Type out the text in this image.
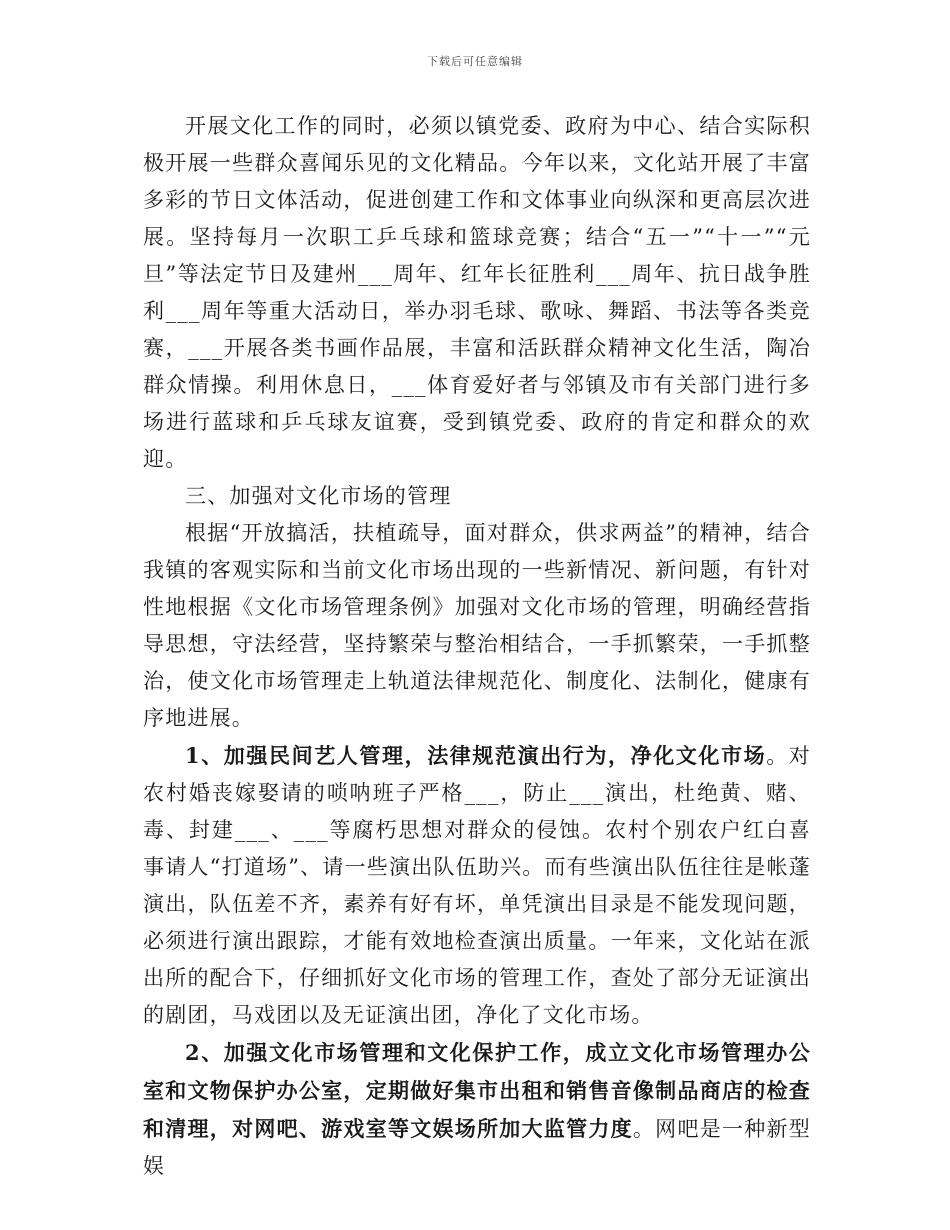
下载后可任意编辑

开展文化工作的同时，必须以镇党委、政府为中心、结合实际积极开展一些群众喜闻乐见的文化精品。今年以来，文化站开展了丰富多彩的节日文体活动，促进创建工作和文体事业向纵深和更高层次进展。坚持每月一次职工乒乓球和篮球竞赛；结合“五一”“十一”“元旦”等法定节日及建州___周年、红年长征胜利___周年、抗日战争胜利___周年等重大活动日，举办羽毛球、歌咏、舞蹈、书法等各类竞赛，___开展各类书画作品展，丰富和活跃群众精神文化生活，陶冶群众情操。利用休息日，___体育爱好者与邻镇及市有关部门进行多场进行蓝球和乒乓球友谊赛，受到镇党委、政府的肯定和群众的欢迎。

三、加强对文化市场的管理

根据“开放搞活，扶植疏导，面对群众，供求两益”的精神，结合我镇的客观实际和当前文化市场出现的一些新情况、新问题，有针对性地根据《文化市场管理条例》加强对文化市场的管理，明确经营指导思想，守法经营，坚持繁荣与整治相结合，一手抓繁荣，一手抓整治，使文化市场管理走上轨道法律规范化、制度化、法制化，健康有序地进展。

1、加强民间艺人管理，法律规范演出行为，净化文化市场。对农村婚丧嫁娶请的唢呐班子严格___，防止___演出，杜绝黄、赌、毒、封建___、___等腐朽思想对群众的侵蚀。农村个别农户红白喜事请人“打道场”、请一些演出队伍助兴。而有些演出队伍往往是帐蓬演出，队伍差不齐，素养有好有坏，单凭演出目录是不能发现问题，必须进行演出跟踪，才能有效地检查演出质量。一年来，文化站在派出所的配合下，仔细抓好文化市场的管理工作，查处了部分无证演出的剧团，马戏团以及无证演出团，净化了文化市场。

2、加强文化市场管理和文化保护工作，成立文化市场管理办公室和文物保护办公室，定期做好集市出租和销售音像制品商店的检查和清理，对网吧、游戏室等文娱场所加大监管力度。网吧是一种新型娱
